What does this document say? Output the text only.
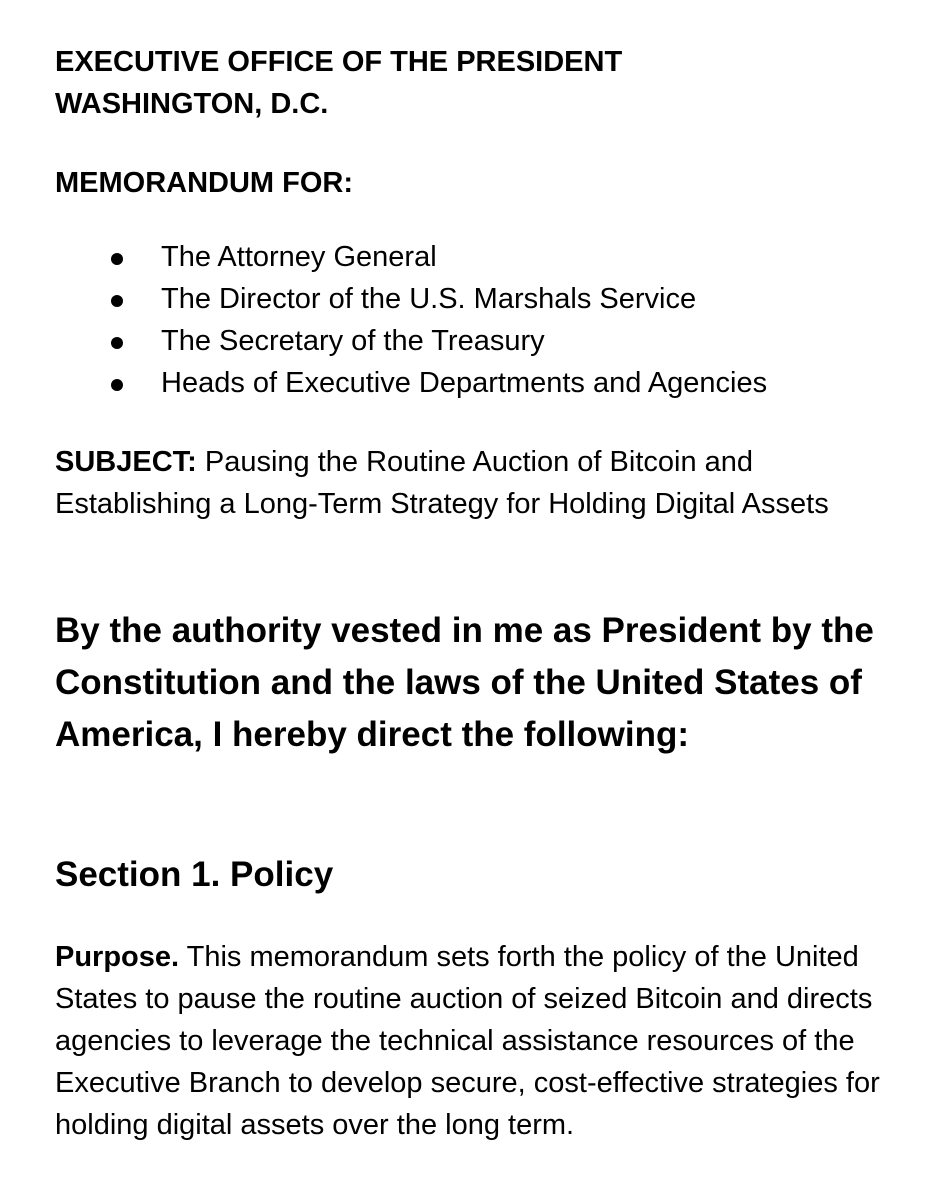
EXECUTIVE OFFICE OF THE PRESIDENT
WASHINGTON, D.C.
MEMORANDUM FOR:
The Attorney General
The Director of the U.S. Marshals Service
The Secretary of the Treasury
Heads of Executive Departments and Agencies
SUBJECT: Pausing the Routine Auction of Bitcoin and Establishing a Long-Term Strategy for Holding Digital Assets
By the authority vested in me as President by the Constitution and the laws of the United States of America, I hereby direct the following:
Section 1. Policy
Purpose. This memorandum sets forth the policy of the United States to pause the routine auction of seized Bitcoin and directs agencies to leverage the technical assistance resources of the Executive Branch to develop secure, cost-effective strategies for holding digital assets over the long term.
